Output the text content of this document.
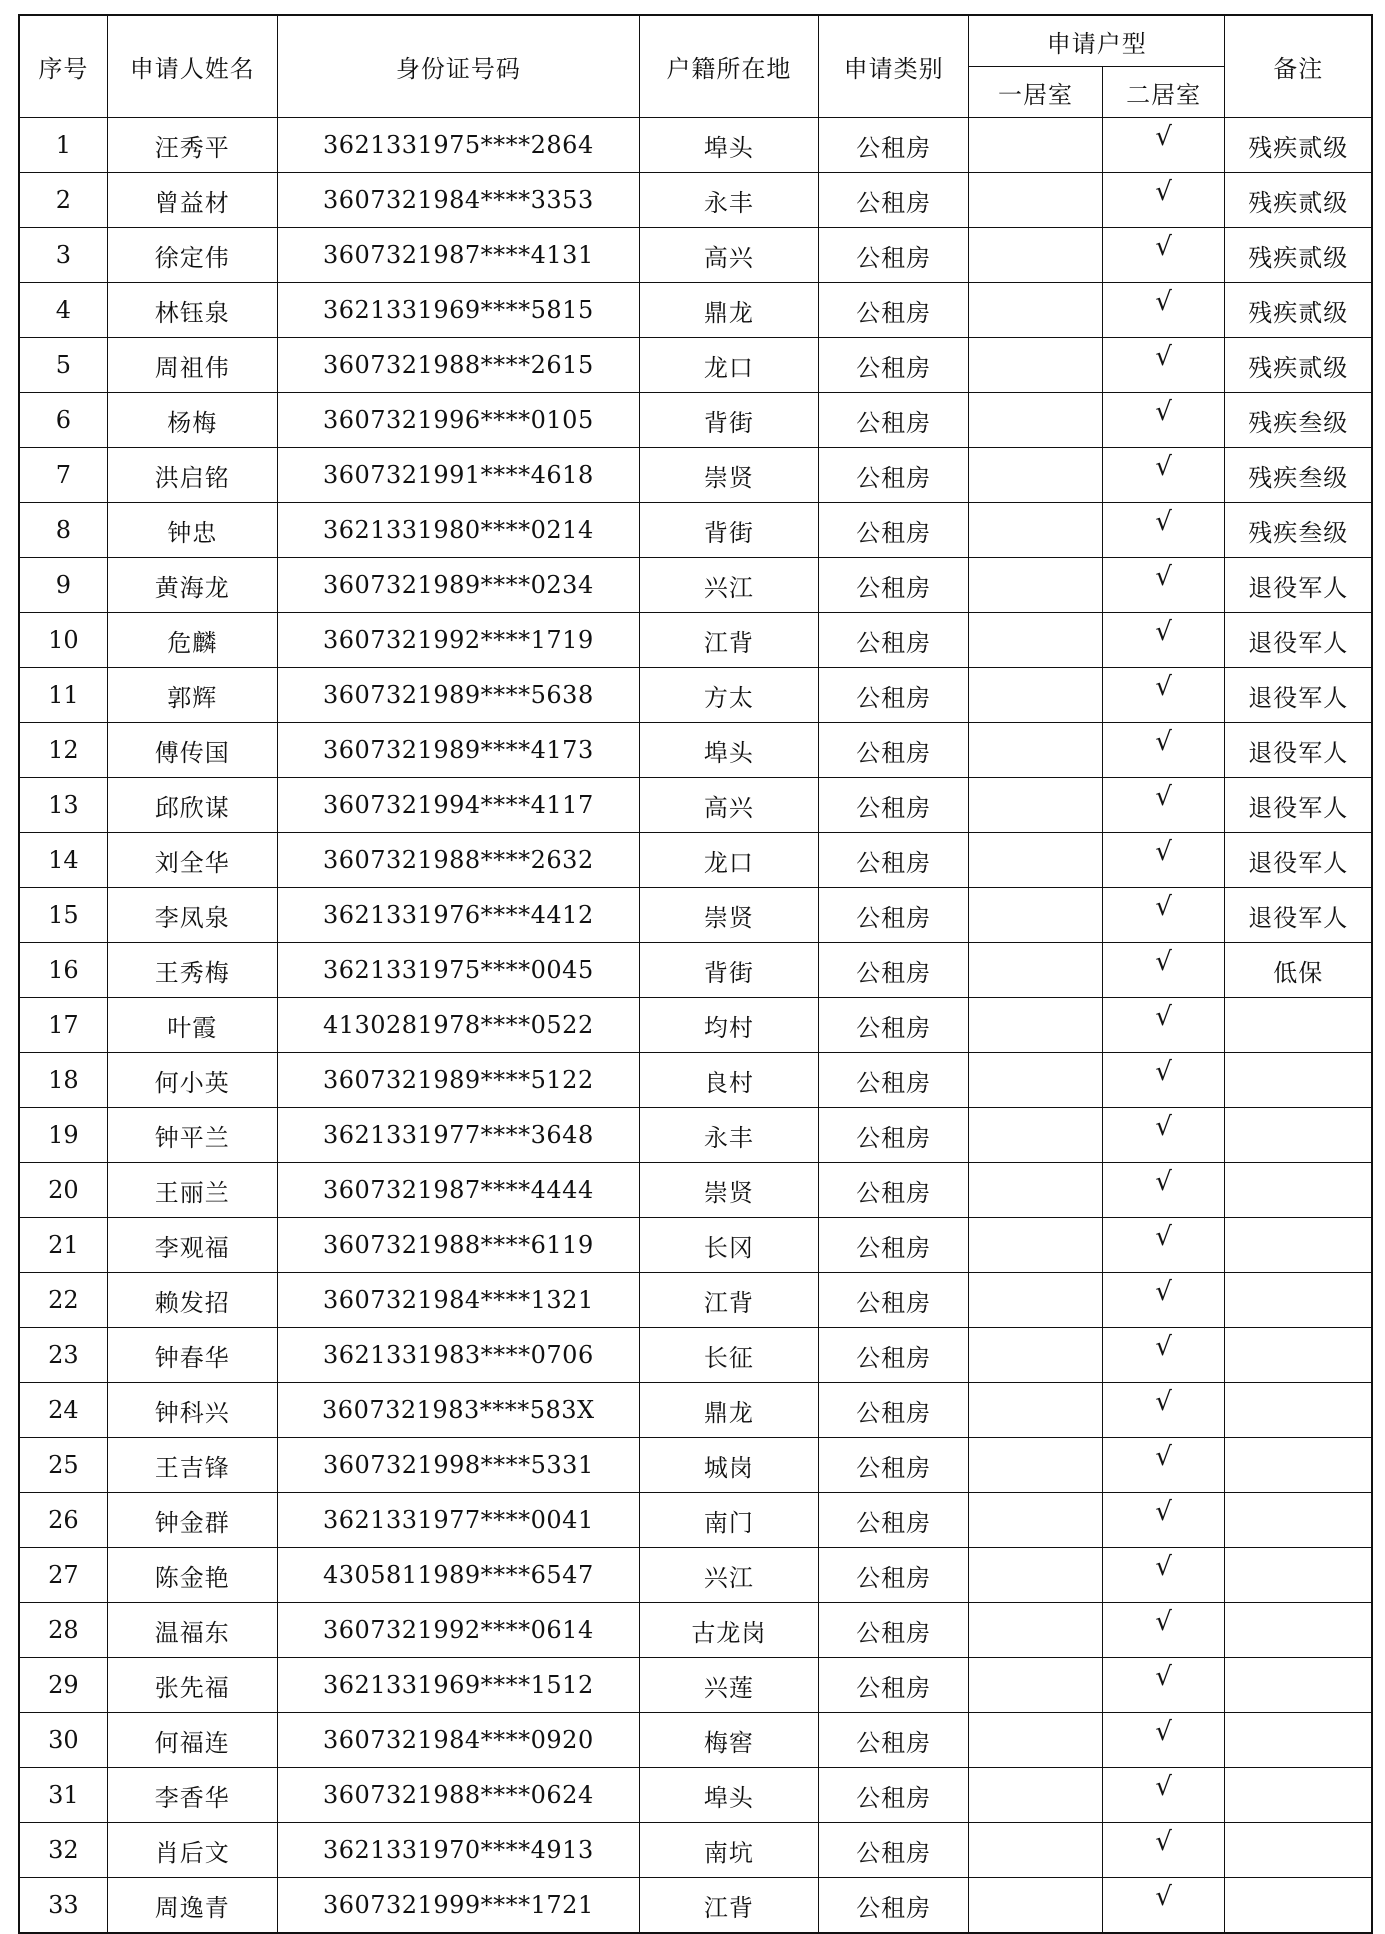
序号	申请人姓名	身份证号码	户籍所在地	申请类别	申请户型		备注
					一居室	二居室	
1	汪秀平	3621331975****2864	埠头	公租房		√	残疾贰级
2	曾益材	3607321984****3353	永丰	公租房		√	残疾贰级
3	徐定伟	3607321987****4131	高兴	公租房		√	残疾贰级
4	林钰泉	3621331969****5815	鼎龙	公租房		√	残疾贰级
5	周祖伟	3607321988****2615	龙口	公租房		√	残疾贰级
6	杨梅	3607321996****0105	背街	公租房		√	残疾叁级
7	洪启铭	3607321991****4618	崇贤	公租房		√	残疾叁级
8	钟忠	3621331980****0214	背街	公租房		√	残疾叁级
9	黄海龙	3607321989****0234	兴江	公租房		√	退役军人
10	危麟	3607321992****1719	江背	公租房		√	退役军人
11	郭辉	3607321989****5638	方太	公租房		√	退役军人
12	傅传国	3607321989****4173	埠头	公租房		√	退役军人
13	邱欣谋	3607321994****4117	高兴	公租房		√	退役军人
14	刘全华	3607321988****2632	龙口	公租房		√	退役军人
15	李凤泉	3621331976****4412	崇贤	公租房		√	退役军人
16	王秀梅	3621331975****0045	背街	公租房		√	低保
17	叶霞	4130281978****0522	均村	公租房		√	
18	何小英	3607321989****5122	良村	公租房		√	
19	钟平兰	3621331977****3648	永丰	公租房		√	
20	王丽兰	3607321987****4444	崇贤	公租房		√	
21	李观福	3607321988****6119	长冈	公租房		√	
22	赖发招	3607321984****1321	江背	公租房		√	
23	钟春华	3621331983****0706	长征	公租房		√	
24	钟科兴	3607321983****583X	鼎龙	公租房		√	
25	王吉锋	3607321998****5331	城岗	公租房		√	
26	钟金群	3621331977****0041	南门	公租房		√	
27	陈金艳	4305811989****6547	兴江	公租房		√	
28	温福东	3607321992****0614	古龙岗	公租房		√	
29	张先福	3621331969****1512	兴莲	公租房		√	
30	何福连	3607321984****0920	梅窖	公租房		√	
31	李香华	3607321988****0624	埠头	公租房		√	
32	肖后文	3621331970****4913	南坑	公租房		√	
33	周逸青	3607321999****1721	江背	公租房		√	
